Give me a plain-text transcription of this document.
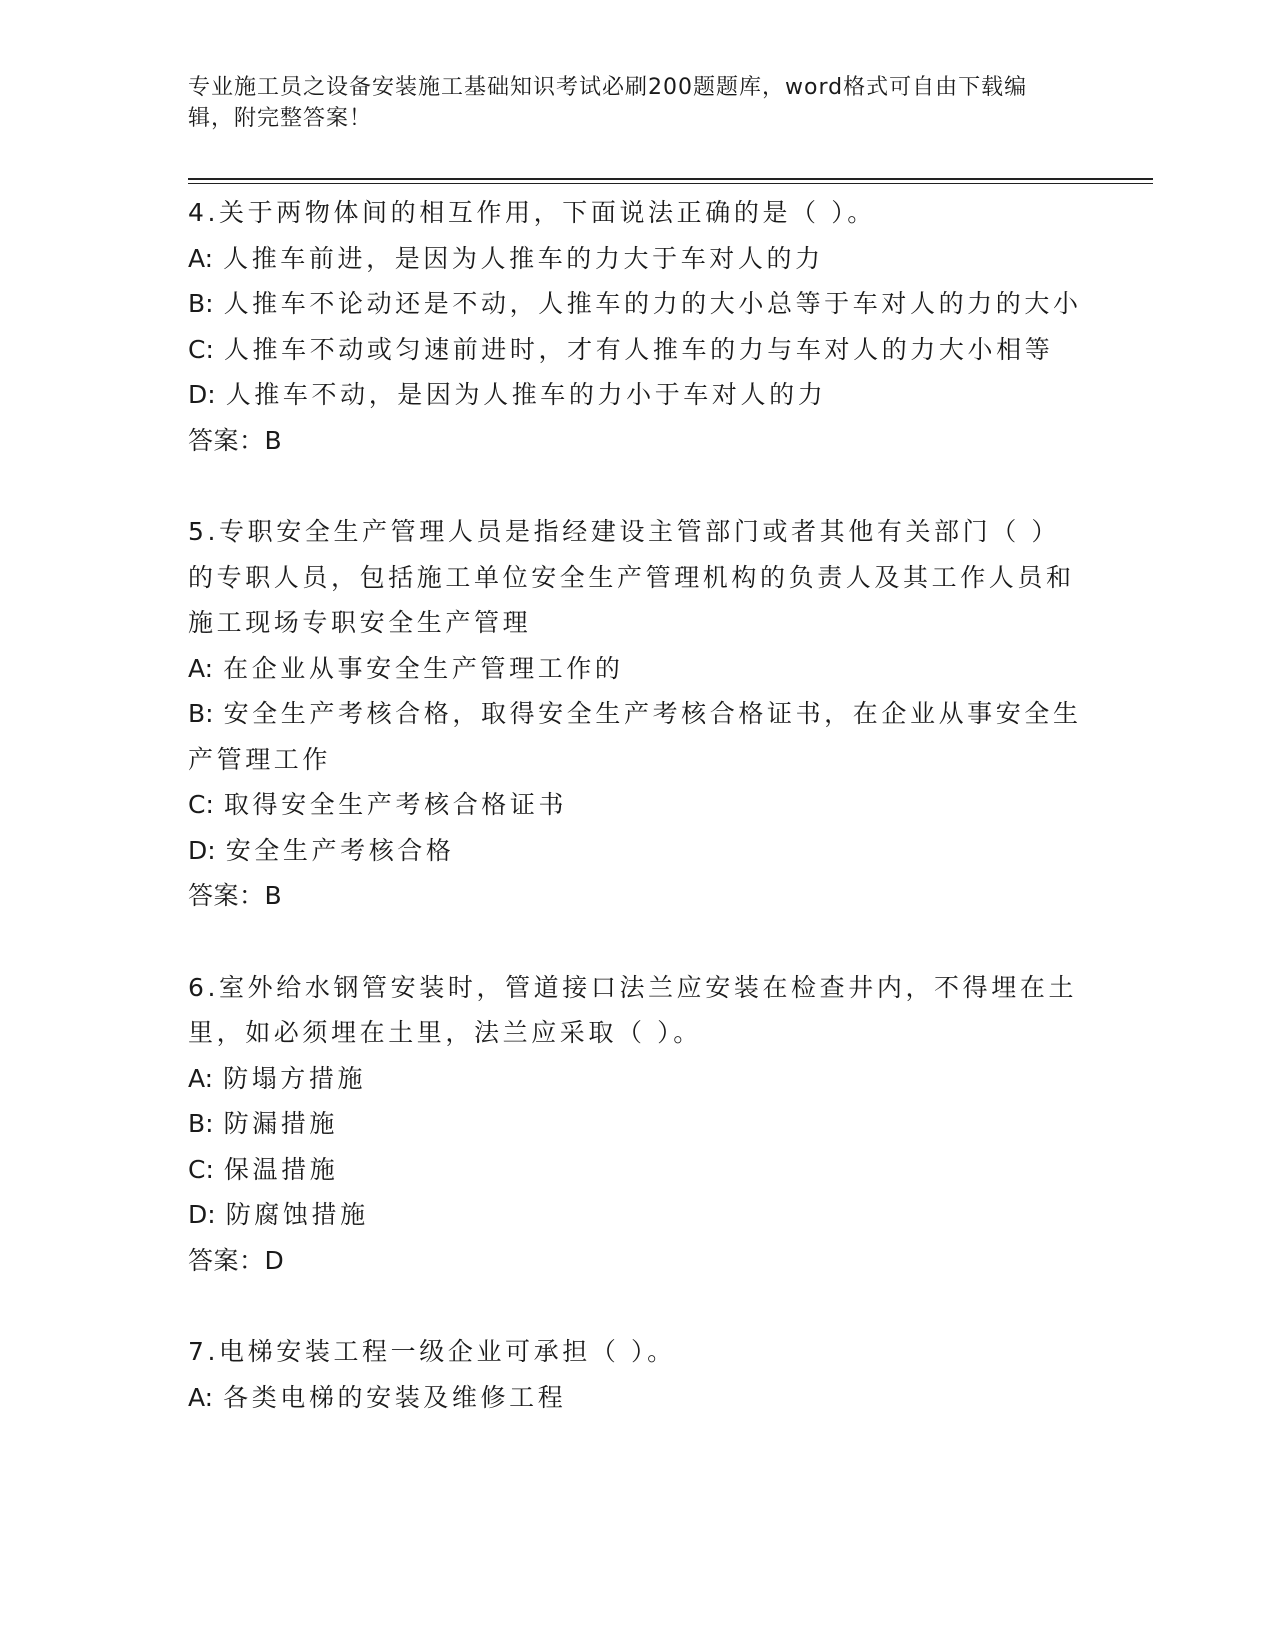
专业施工员之设备安装施工基础知识考试必刷200题题库，word格式可自由下载编辑，附完整答案！

4.关于两物体间的相互作用，下面说法正确的是（ ）。

A: 人推车前进，是因为人推车的力大于车对人的力

B: 人推车不论动还是不动，人推车的力的大小总等于车对人的力的大小

C: 人推车不动或匀速前进时，才有人推车的力与车对人的力大小相等

D: 人推车不动，是因为人推车的力小于车对人的力

答案：B

5.专职安全生产管理人员是指经建设主管部门或者其他有关部门（ ）的专职人员，包括施工单位安全生产管理机构的负责人及其工作人员和施工现场专职安全生产管理

A: 在企业从事安全生产管理工作的

B: 安全生产考核合格，取得安全生产考核合格证书，在企业从事安全生产管理工作

C: 取得安全生产考核合格证书

D: 安全生产考核合格

答案：B

6.室外给水钢管安装时，管道接口法兰应安装在检查井内，不得埋在土里，如必须埋在土里，法兰应采取（ ）。

A: 防塌方措施

B: 防漏措施

C: 保温措施

D: 防腐蚀措施

答案：D

7.电梯安装工程一级企业可承担（ ）。

A: 各类电梯的安装及维修工程
